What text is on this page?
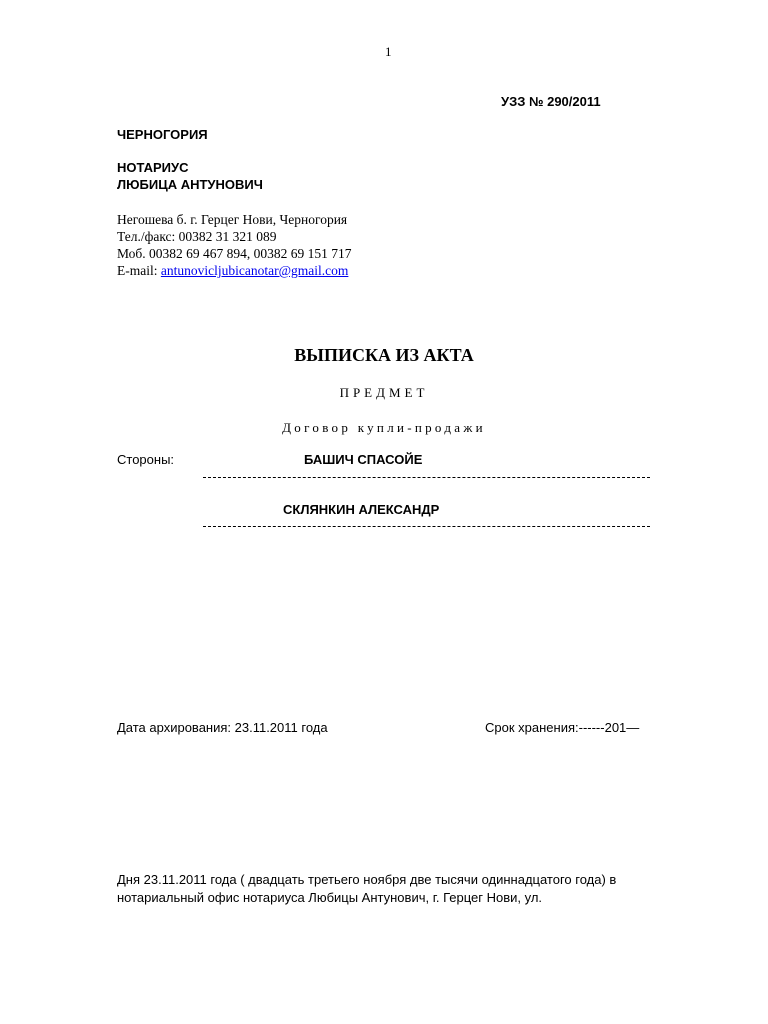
1
УЗЗ № 290/2011
ЧЕРНОГОРИЯ
НОТАРИУС
ЛЮБИЦА АНТУНОВИЧ
Негошева б. г. Герцег Нови, Черногория
Тел./факс: 00382 31 321 089
Моб. 00382 69 467 894, 00382 69 151 717
E-mail: antunovicljubicanotar@gmail.com
ВЫПИСКА ИЗ АКТА
ПРЕДМЕТ
Договор купли-продажи
Стороны:	БАШИЧ СПАСОЙЕ
СКЛЯНКИН АЛЕКСАНДР
Дата архирования: 23.11.2011 года	Срок хранения:------201—
Дня 23.11.2011 года ( двадцать третьего ноября две тысячи одиннадцатого года) в нотариальный офис нотариуса Любицы Антунович, г. Герцег Нови, ул.
